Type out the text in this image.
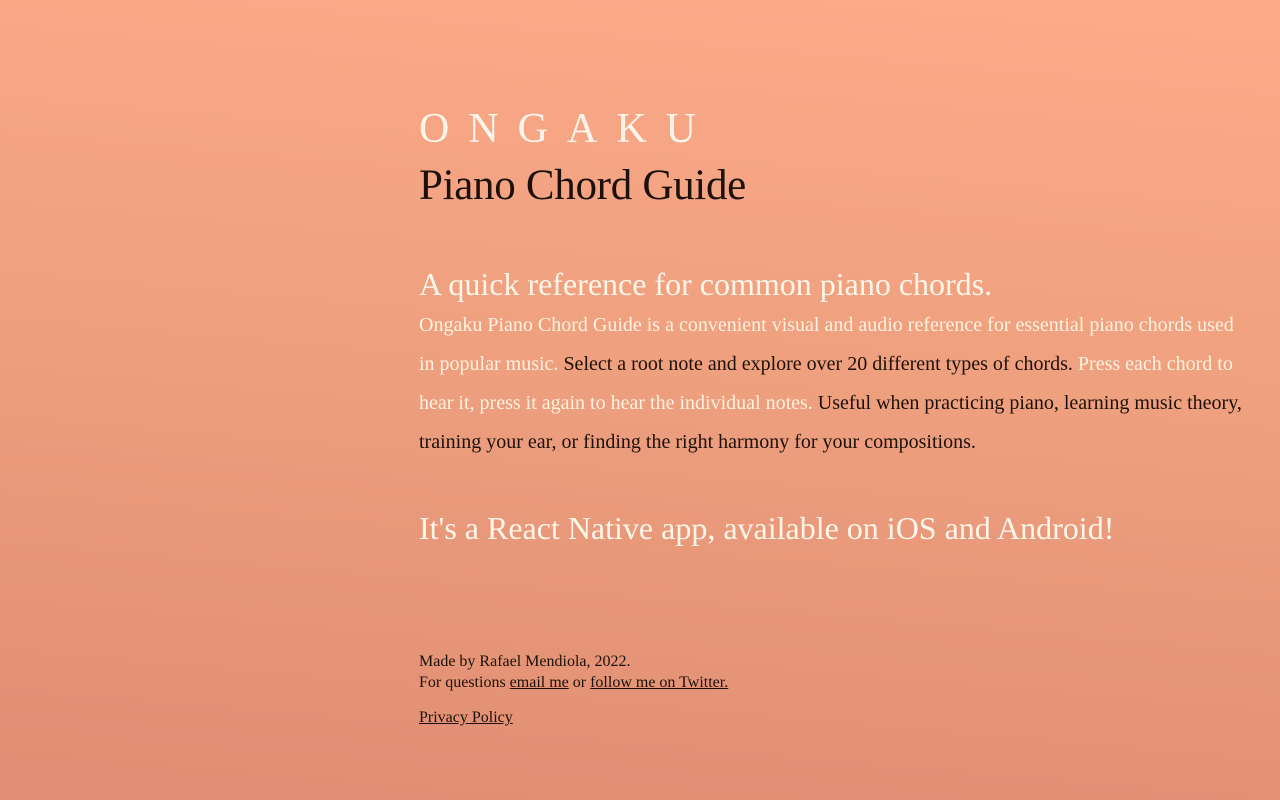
ONGAKU
Piano Chord Guide
A quick reference for common piano chords.

Ongaku Piano Chord Guide is a convenient visual and audio reference for essential piano chords used in popular music. Select a root note and explore over 20 different types of chords. Press each chord to hear it, press it again to hear the individual notes. Useful when practicing piano, learning music theory, training your ear, or finding the right harmony for your compositions.

It's a React Native app, available on iOS and Android!
Made by Rafael Mendiola, 2022.
For questions email me or follow me on Twitter.
Privacy Policy
